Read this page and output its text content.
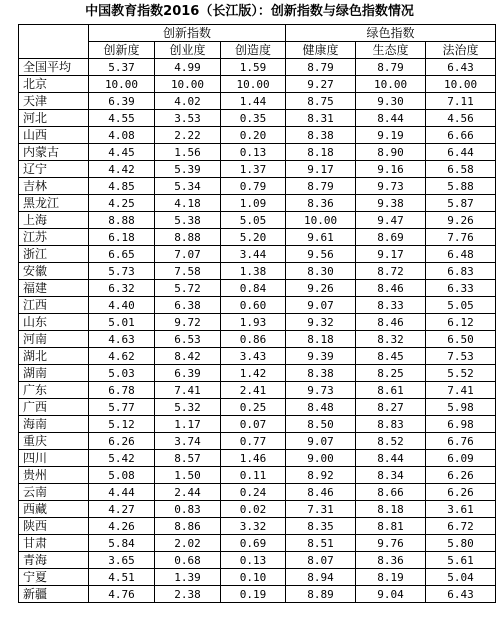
中国教育指数2016（长江版）：创新指数与绿色指数情况
	创新指数			绿色指数		
	创新度	创业度	创造度	健康度	生态度	法治度
全国平均	5.37	4.99	1.59	8.79	8.79	6.43
北京	10.00	10.00	10.00	9.27	10.00	10.00
天津	6.39	4.02	1.44	8.75	9.30	7.11
河北	4.55	3.53	0.35	8.31	8.44	4.56
山西	4.08	2.22	0.20	8.38	9.19	6.66
内蒙古	4.45	1.56	0.13	8.18	8.90	6.44
辽宁	4.42	5.39	1.37	9.17	9.16	6.58
吉林	4.85	5.34	0.79	8.79	9.73	5.88
黑龙江	4.25	4.18	1.09	8.36	9.38	5.87
上海	8.88	5.38	5.05	10.00	9.47	9.26
江苏	6.18	8.88	5.20	9.61	8.69	7.76
浙江	6.65	7.07	3.44	9.56	9.17	6.48
安徽	5.73	7.58	1.38	8.30	8.72	6.83
福建	6.32	5.72	0.84	9.26	8.46	6.33
江西	4.40	6.38	0.60	9.07	8.33	5.05
山东	5.01	9.72	1.93	9.32	8.46	6.12
河南	4.63	6.53	0.86	8.18	8.32	6.50
湖北	4.62	8.42	3.43	9.39	8.45	7.53
湖南	5.03	6.39	1.42	8.38	8.25	5.52
广东	6.78	7.41	2.41	9.73	8.61	7.41
广西	5.77	5.32	0.25	8.48	8.27	5.98
海南	5.12	1.17	0.07	8.50	8.83	6.98
重庆	6.26	3.74	0.77	9.07	8.52	6.76
四川	5.42	8.57	1.46	9.00	8.44	6.09
贵州	5.08	1.50	0.11	8.92	8.34	6.26
云南	4.44	2.44	0.24	8.46	8.66	6.26
西藏	4.27	0.83	0.02	7.31	8.18	3.61
陕西	4.26	8.86	3.32	8.35	8.81	6.72
甘肃	5.84	2.02	0.69	8.51	9.76	5.80
青海	3.65	0.68	0.13	8.07	8.36	5.61
宁夏	4.51	1.39	0.10	8.94	8.19	5.04
新疆	4.76	2.38	0.19	8.89	9.04	6.43
